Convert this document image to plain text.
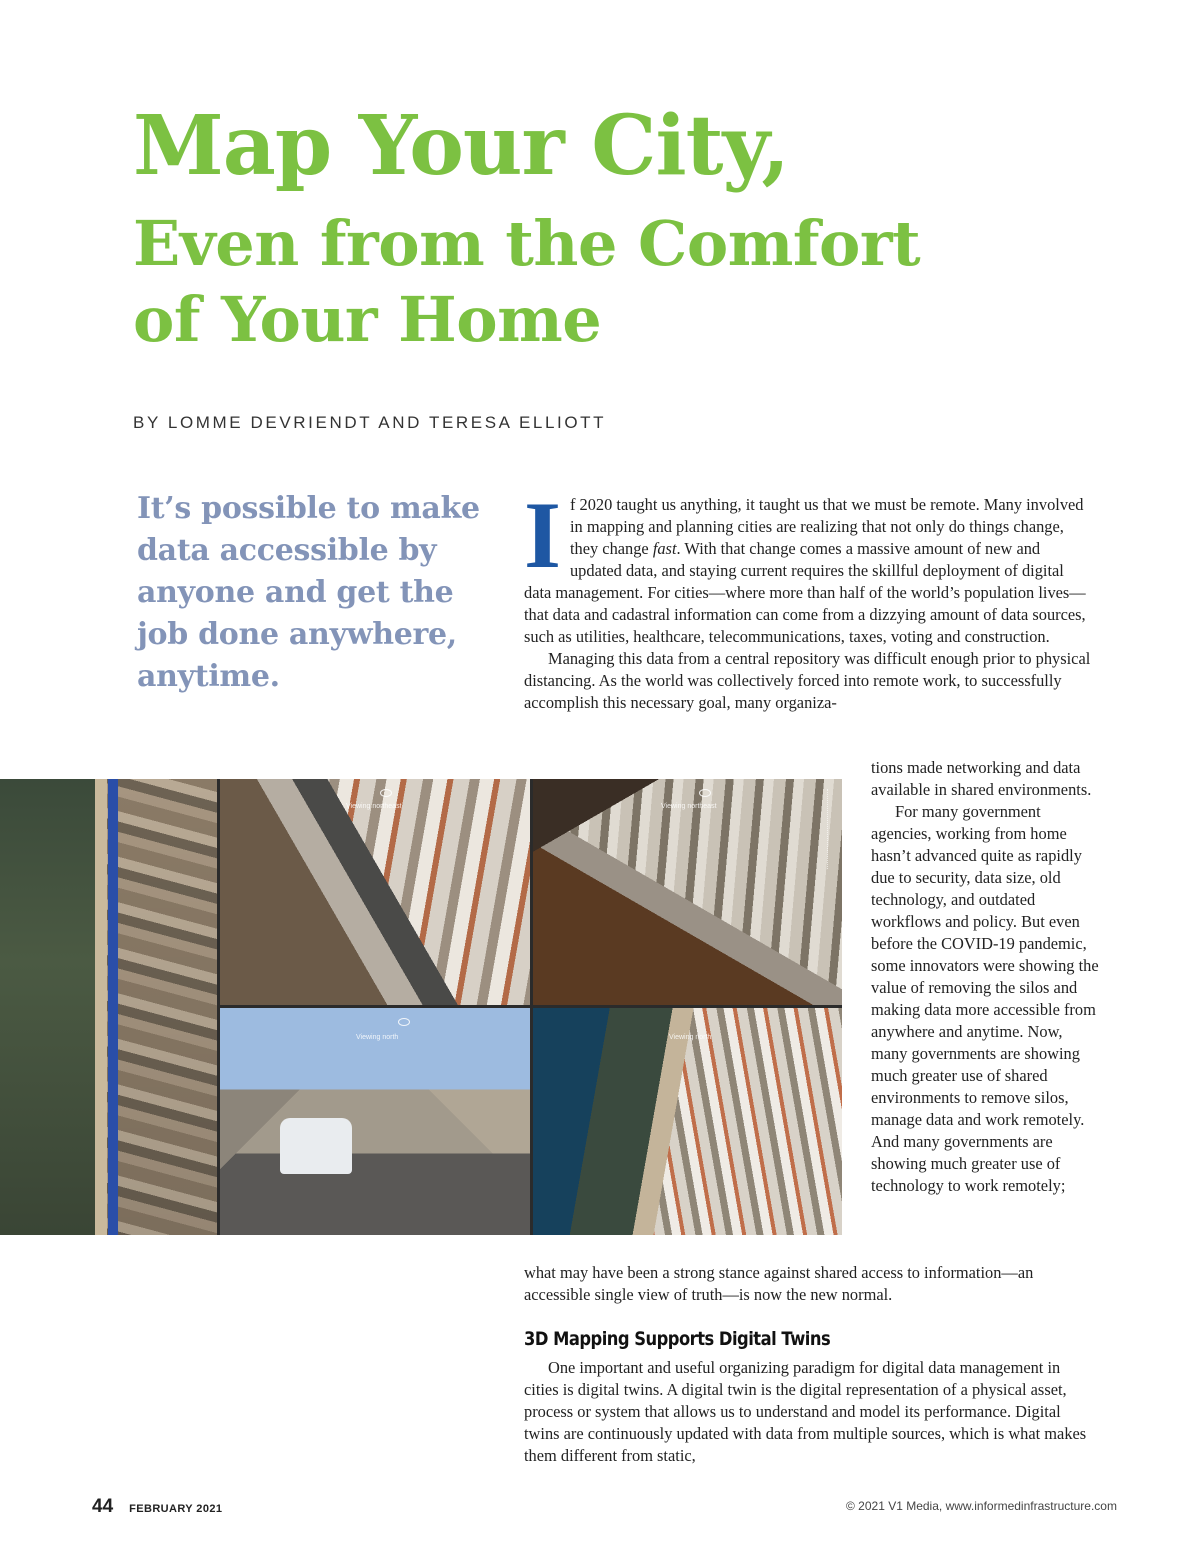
Map Your City,
Even from the Comfort
of Your Home
BY LOMME DEVRIENDT AND TERESA ELLIOTT

It’s possible to make data accessible by anyone and get the job done anywhere, anytime.

If 2020 taught us anything, it taught us that we must be remote. Many involved in mapping and planning cities are realizing that not only do things change, they change fast. With that change comes a massive amount of new and updated data, and staying current requires the skillful deployment of digital data management. For cities—where more than half of the world’s population lives—that data and cadastral information can come from a dizzying amount of data sources, such as utilities, healthcare, telecommunications, taxes, voting and construction.

Managing this data from a central repository was difficult enough prior to physical distancing. As the world was collectively forced into remote work, to successfully accomplish this necessary goal, many organiza-

Viewing northeast	Viewing northeast
Viewing north	Viewing north

tions made networking and data available in shared environments.

For many government agencies, working from home hasn’t advanced quite as rapidly due to security, data size, old technology, and outdated workflows and policy. But even before the COVID-19 pandemic, some innovators were showing the value of removing the silos and making data more accessible from anywhere and anytime. Now, many governments are showing much greater use of shared environments to remove silos, manage data and work remotely. And many governments are showing much greater use of technology to work remotely;

what may have been a strong stance against shared access to information—an accessible single view of truth—is now the new normal.

3D Mapping Supports Digital Twins

One important and useful organizing paradigm for digital data management in cities is digital twins. A digital twin is the digital representation of a physical asset, process or system that allows us to understand and model its performance. Digital twins are continuously updated with data from multiple sources, which is what makes them different from static,

44 FEBRUARY 2021	© 2021 V1 Media, www.informedinfrastructure.com
